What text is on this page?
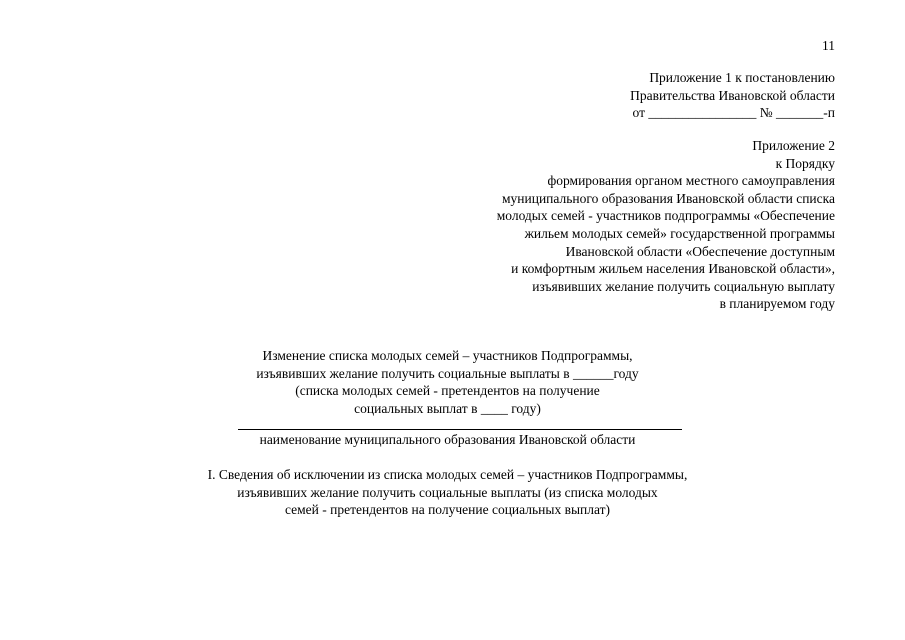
11
Приложение 1 к постановлению
Правительства Ивановской области
от ________________ № _______-п
Приложение 2
к Порядку
формирования органом местного самоуправления
муниципального образования Ивановской области списка
молодых семей - участников подпрограммы «Обеспечение
жильем молодых семей» государственной программы
Ивановской области «Обеспечение доступным
и комфортным жильем населения Ивановской области»,
изъявивших желание получить социальную выплату
в планируемом году
Изменение списка молодых семей – участников Подпрограммы,
изъявивших желание получить социальные выплаты в ______году
(списка молодых семей - претендентов на получение
социальных выплат в ____ году)
наименование муниципального образования Ивановской области
I. Сведения об исключении из списка молодых семей – участников Подпрограммы,
изъявивших желание получить социальные выплаты (из списка молодых
семей - претендентов на получение социальных выплат)
